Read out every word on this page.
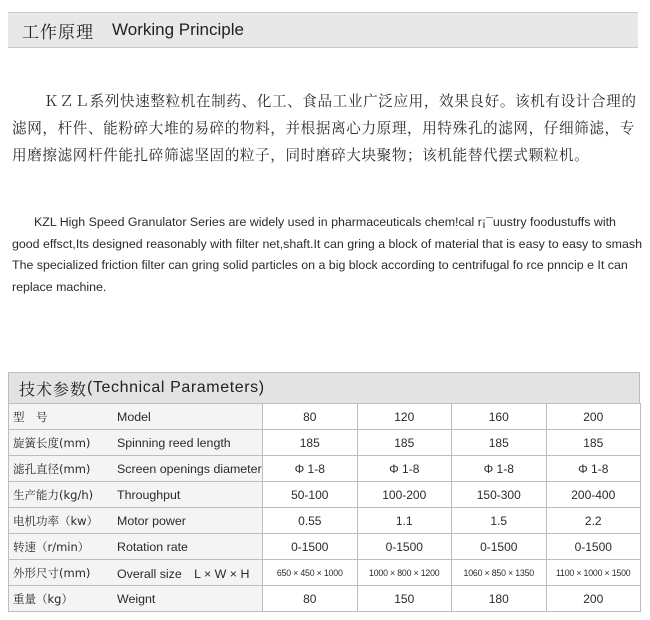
工作原理 Working Principle

ＫＺＬ系列快速整粒机在制药、化工、食品工业广泛应用，效果良好。该机有设计合理的滤网，杆件、能粉碎大堆的易碎的物料，并根据离心力原理，用特殊孔的滤网，仔细筛滤，专用磨擦滤网杆件能扎碎筛滤坚固的粒子，同时磨碎大块聚物；该机能替代摆式颗粒机。

KZL High Speed Granulator Series are widely used in pharmaceuticals chem!cal r¡¯uustry foodustuffs with good effsct,Its designed reasonably with filter net,shaft.It can gring a block of material that is easy to easy to smash The specialized friction filter can gring solid particles on a big block according to centrifugal fo rce pnncip e It can replace machine.

技术参数 (Technical Parameters)
型　号 Model	80	120	160	200

旋簧长度(mm) Spinning reed length	185	185	185	185

滤孔直径(mm) Screen openings diameter	Φ 1-8	Φ 1-8	Φ 1-8	Φ 1-8

生产能力(kg/h) Throughput	50-100	100-200	150-300	200-400

电机功率（kw） Motor power	0.55	1.1	1.5	2.2

转速（r/min） Rotation rate	0-1500	0-1500	0-1500	0-1500

外形尺寸(mm) Overall size　L × W × H	650 × 450 × 1000	1000 × 800 × 1200	1060 × 850 × 1350	1100 × 1000 × 1500

重量（kg） Weignt	80	150	180	200
